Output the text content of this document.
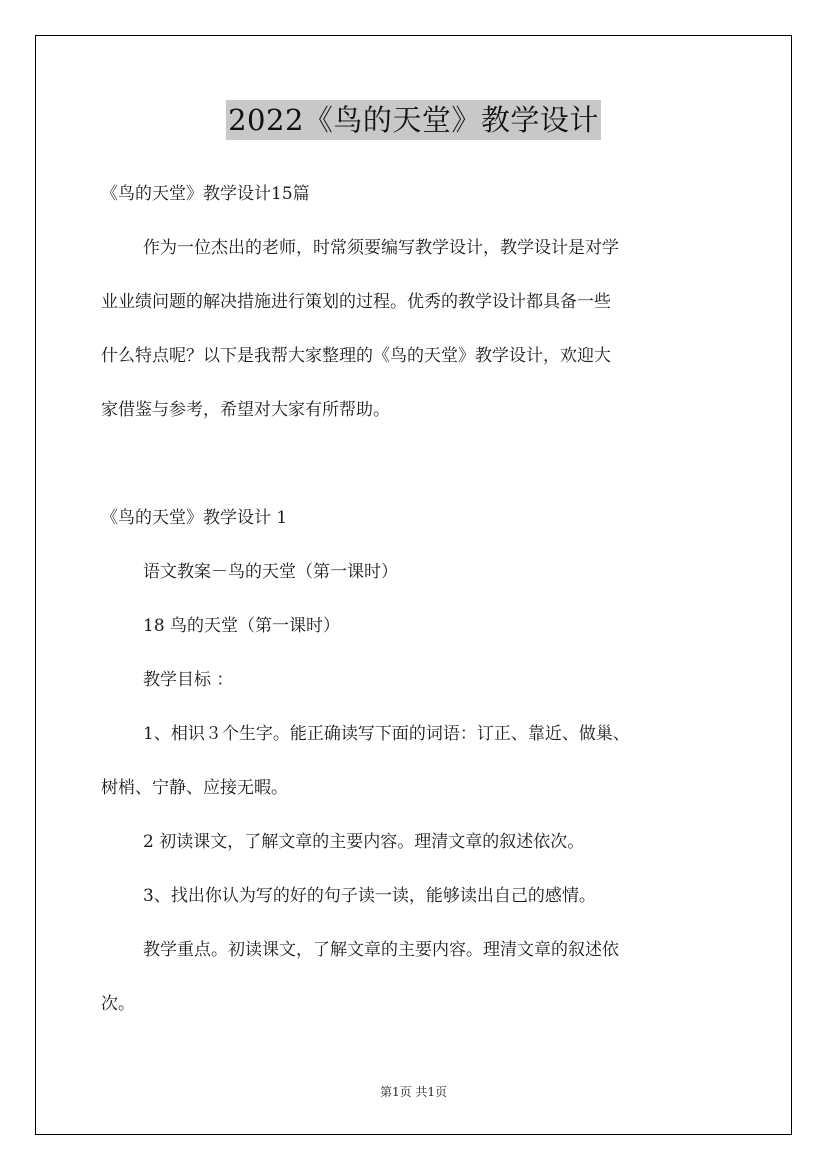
2022《鸟的天堂》教学设计
《鸟的天堂》教学设计15篇
作为一位杰出的老师，时常须要编写教学设计，教学设计是对学
业业绩问题的解决措施进行策划的过程。优秀的教学设计都具备一些
什么特点呢？以下是我帮大家整理的《鸟的天堂》教学设计，欢迎大
家借鉴与参考，希望对大家有所帮助。
《鸟的天堂》教学设计 1
语文教案－鸟的天堂（第一课时）
18 鸟的天堂（第一课时）
教学目标 ：
1、相识３个生字。能正确读写下面的词语：订正、靠近、做巢、
树梢、宁静、应接无暇。
2 初读课文，了解文章的主要内容。理清文章的叙述依次。
3、找出你认为写的好的句子读一读，能够读出自己的感情。
教学重点。初读课文，了解文章的主要内容。理清文章的叙述依
次。
第1页 共1页
